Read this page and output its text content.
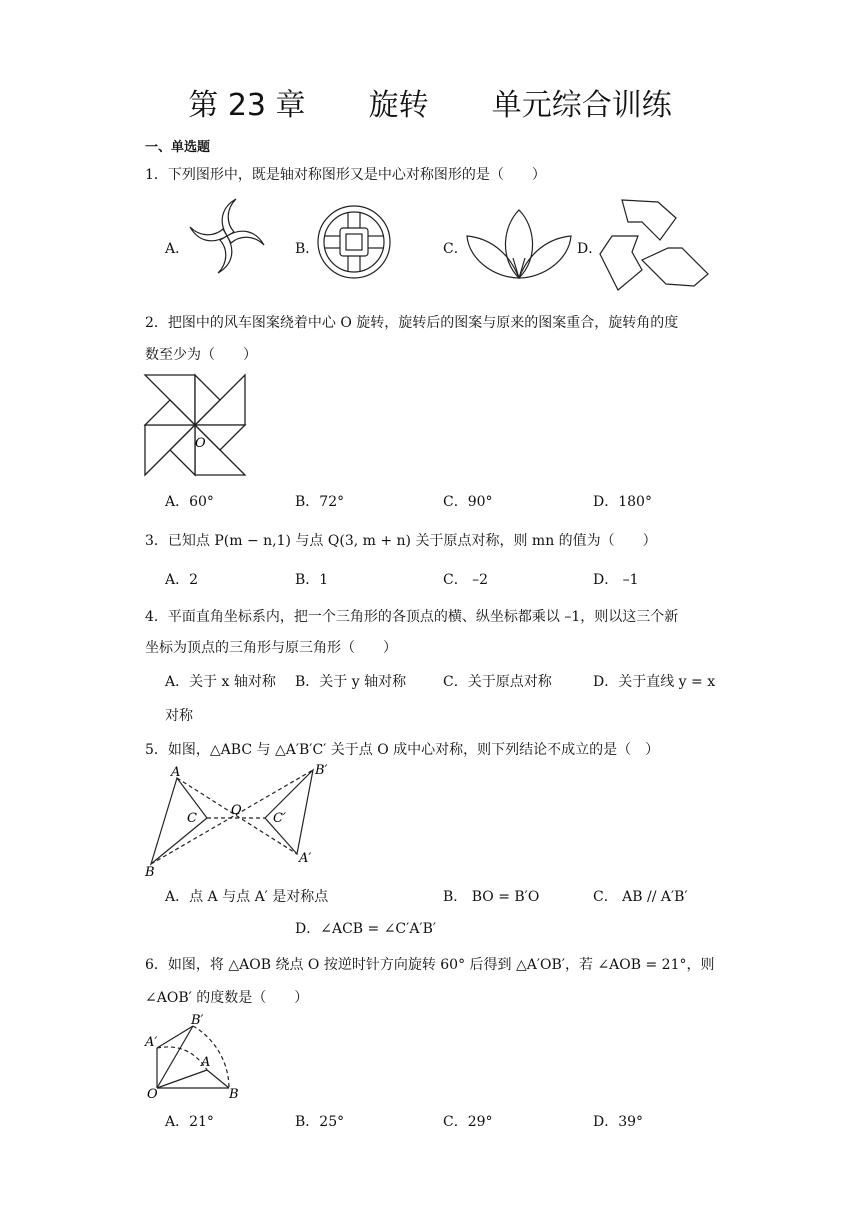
第 23 章 旋转 单元综合训练
一、单选题
1．下列图形中，既是轴对称图形又是中心对称图形的是（　　）
A．	B．	C．	D．
2．把图中的风车图案绕着中心 O 旋转，旋转后的图案与原来的图案重合，旋转角的度
数至少为（　　）
O
A．60°	B．72°	C．90°	D．180°
3．已知点 P(m − n,1) 与点 Q(3, m + n) 关于原点对称，则 mn 的值为（　　）
A．2	B．1	C． –2	D． –1
4．平面直角坐标系内，把一个三角形的各顶点的横、纵坐标都乘以 –1，则以这三个新
坐标为顶点的三角形与原三角形（　　）
A．关于 x 轴对称 B．关于 y 轴对称	C．关于原点对称	D．关于直线 y = x
对称
5．如图，△ABC 与 △A′B′C′ 关于点 O 成中心对称，则下列结论不成立的是（　）
A
B
C
O
B′
A′
C′
A．点 A 与点 A′ 是对称点	B． BO = B′O	C． AB // A′B′
D．∠ACB = ∠C′A′B′
6．如图，将 △AOB 绕点 O 按逆时针方向旋转 60° 后得到 △A′OB′，若 ∠AOB = 21°，则
∠AOB′ 的度数是（　　）
O	B
A
A′
B′
A．21°	B．25°	C．29°	D．39°
